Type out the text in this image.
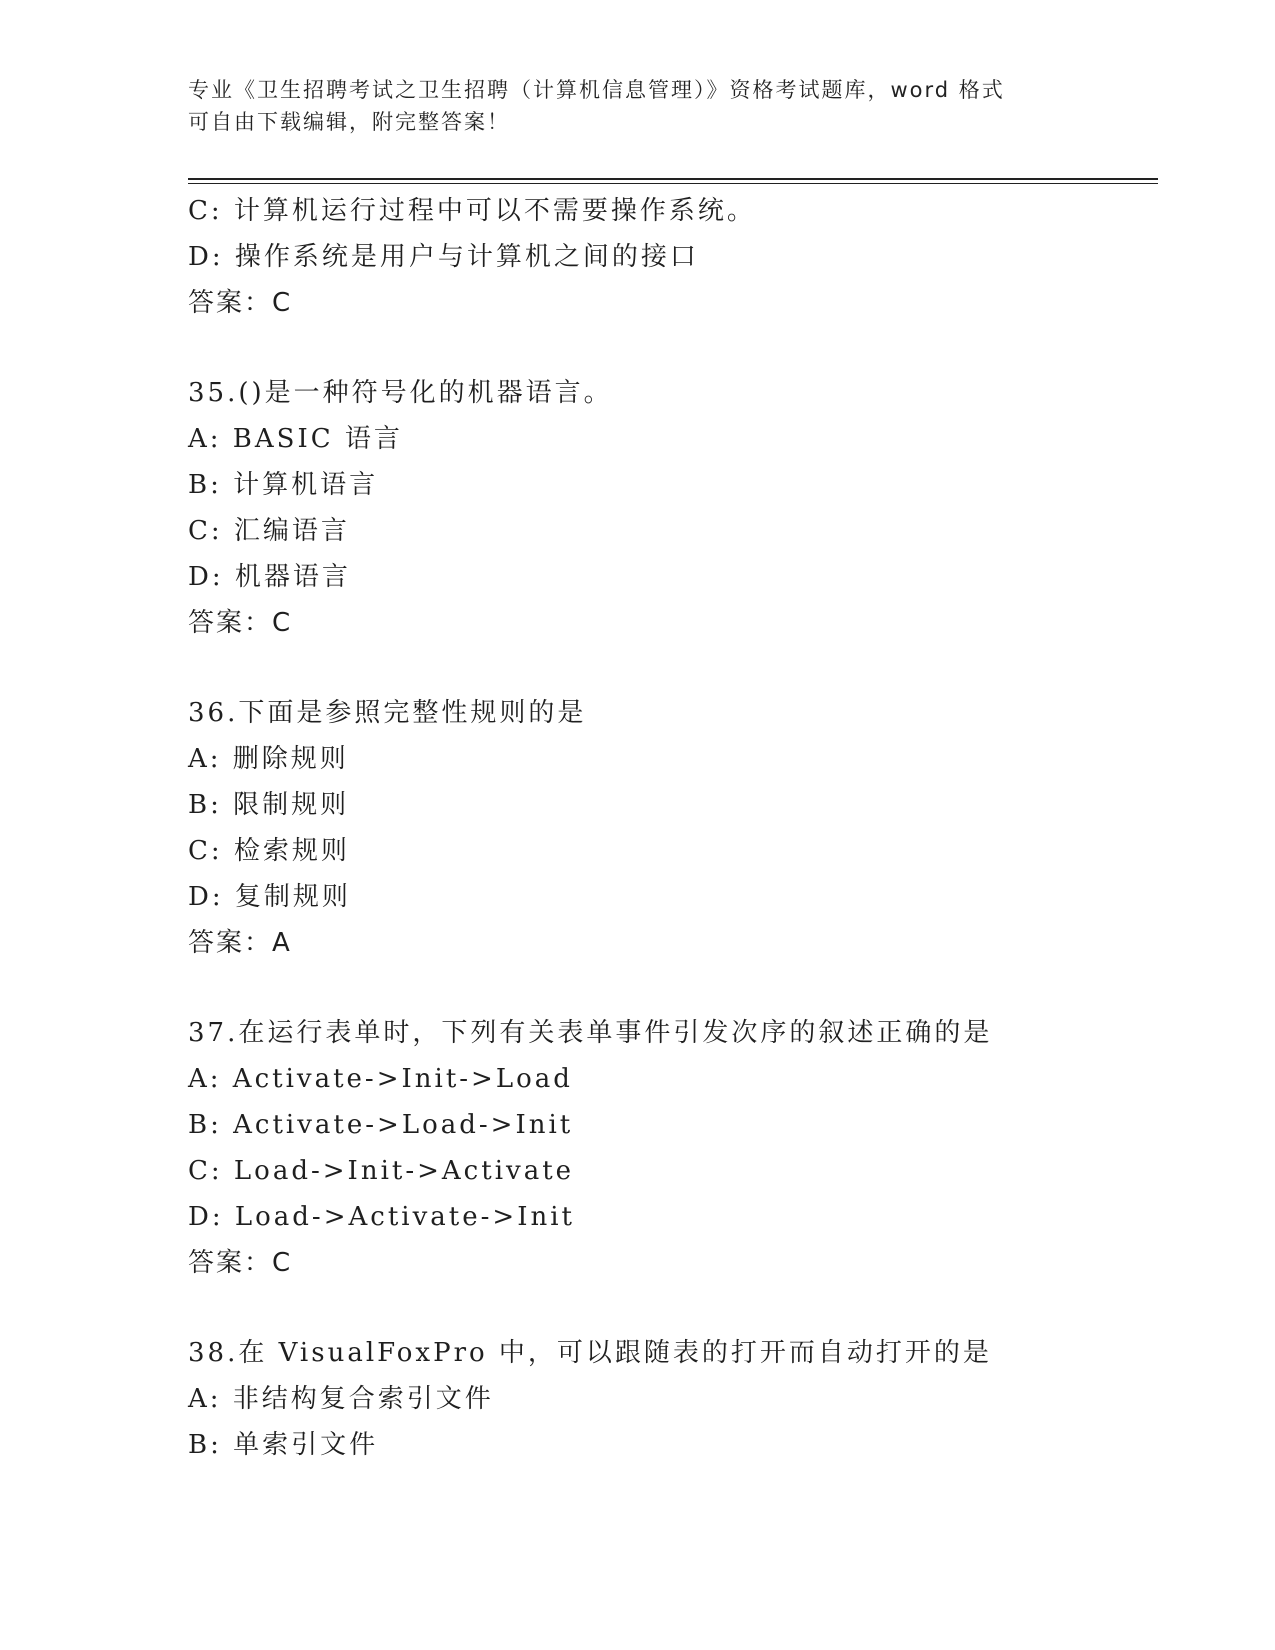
专业《卫生招聘考试之卫生招聘（计算机信息管理）》资格考试题库，word 格式
可自由下载编辑，附完整答案！
C: 计算机运行过程中可以不需要操作系统。
D: 操作系统是用户与计算机之间的接口
答案：C
35.()是一种符号化的机器语言。
A: BASIC 语言
B: 计算机语言
C: 汇编语言
D: 机器语言
答案：C
36.下面是参照完整性规则的是
A: 删除规则
B: 限制规则
C: 检索规则
D: 复制规则
答案：A
37.在运行表单时，下列有关表单事件引发次序的叙述正确的是
A: Activate->Init->Load
B: Activate->Load->Init
C: Load->Init->Activate
D: Load->Activate->Init
答案：C
38.在 VisualFoxPro 中，可以跟随表的打开而自动打开的是
A: 非结构复合索引文件
B: 单索引文件
